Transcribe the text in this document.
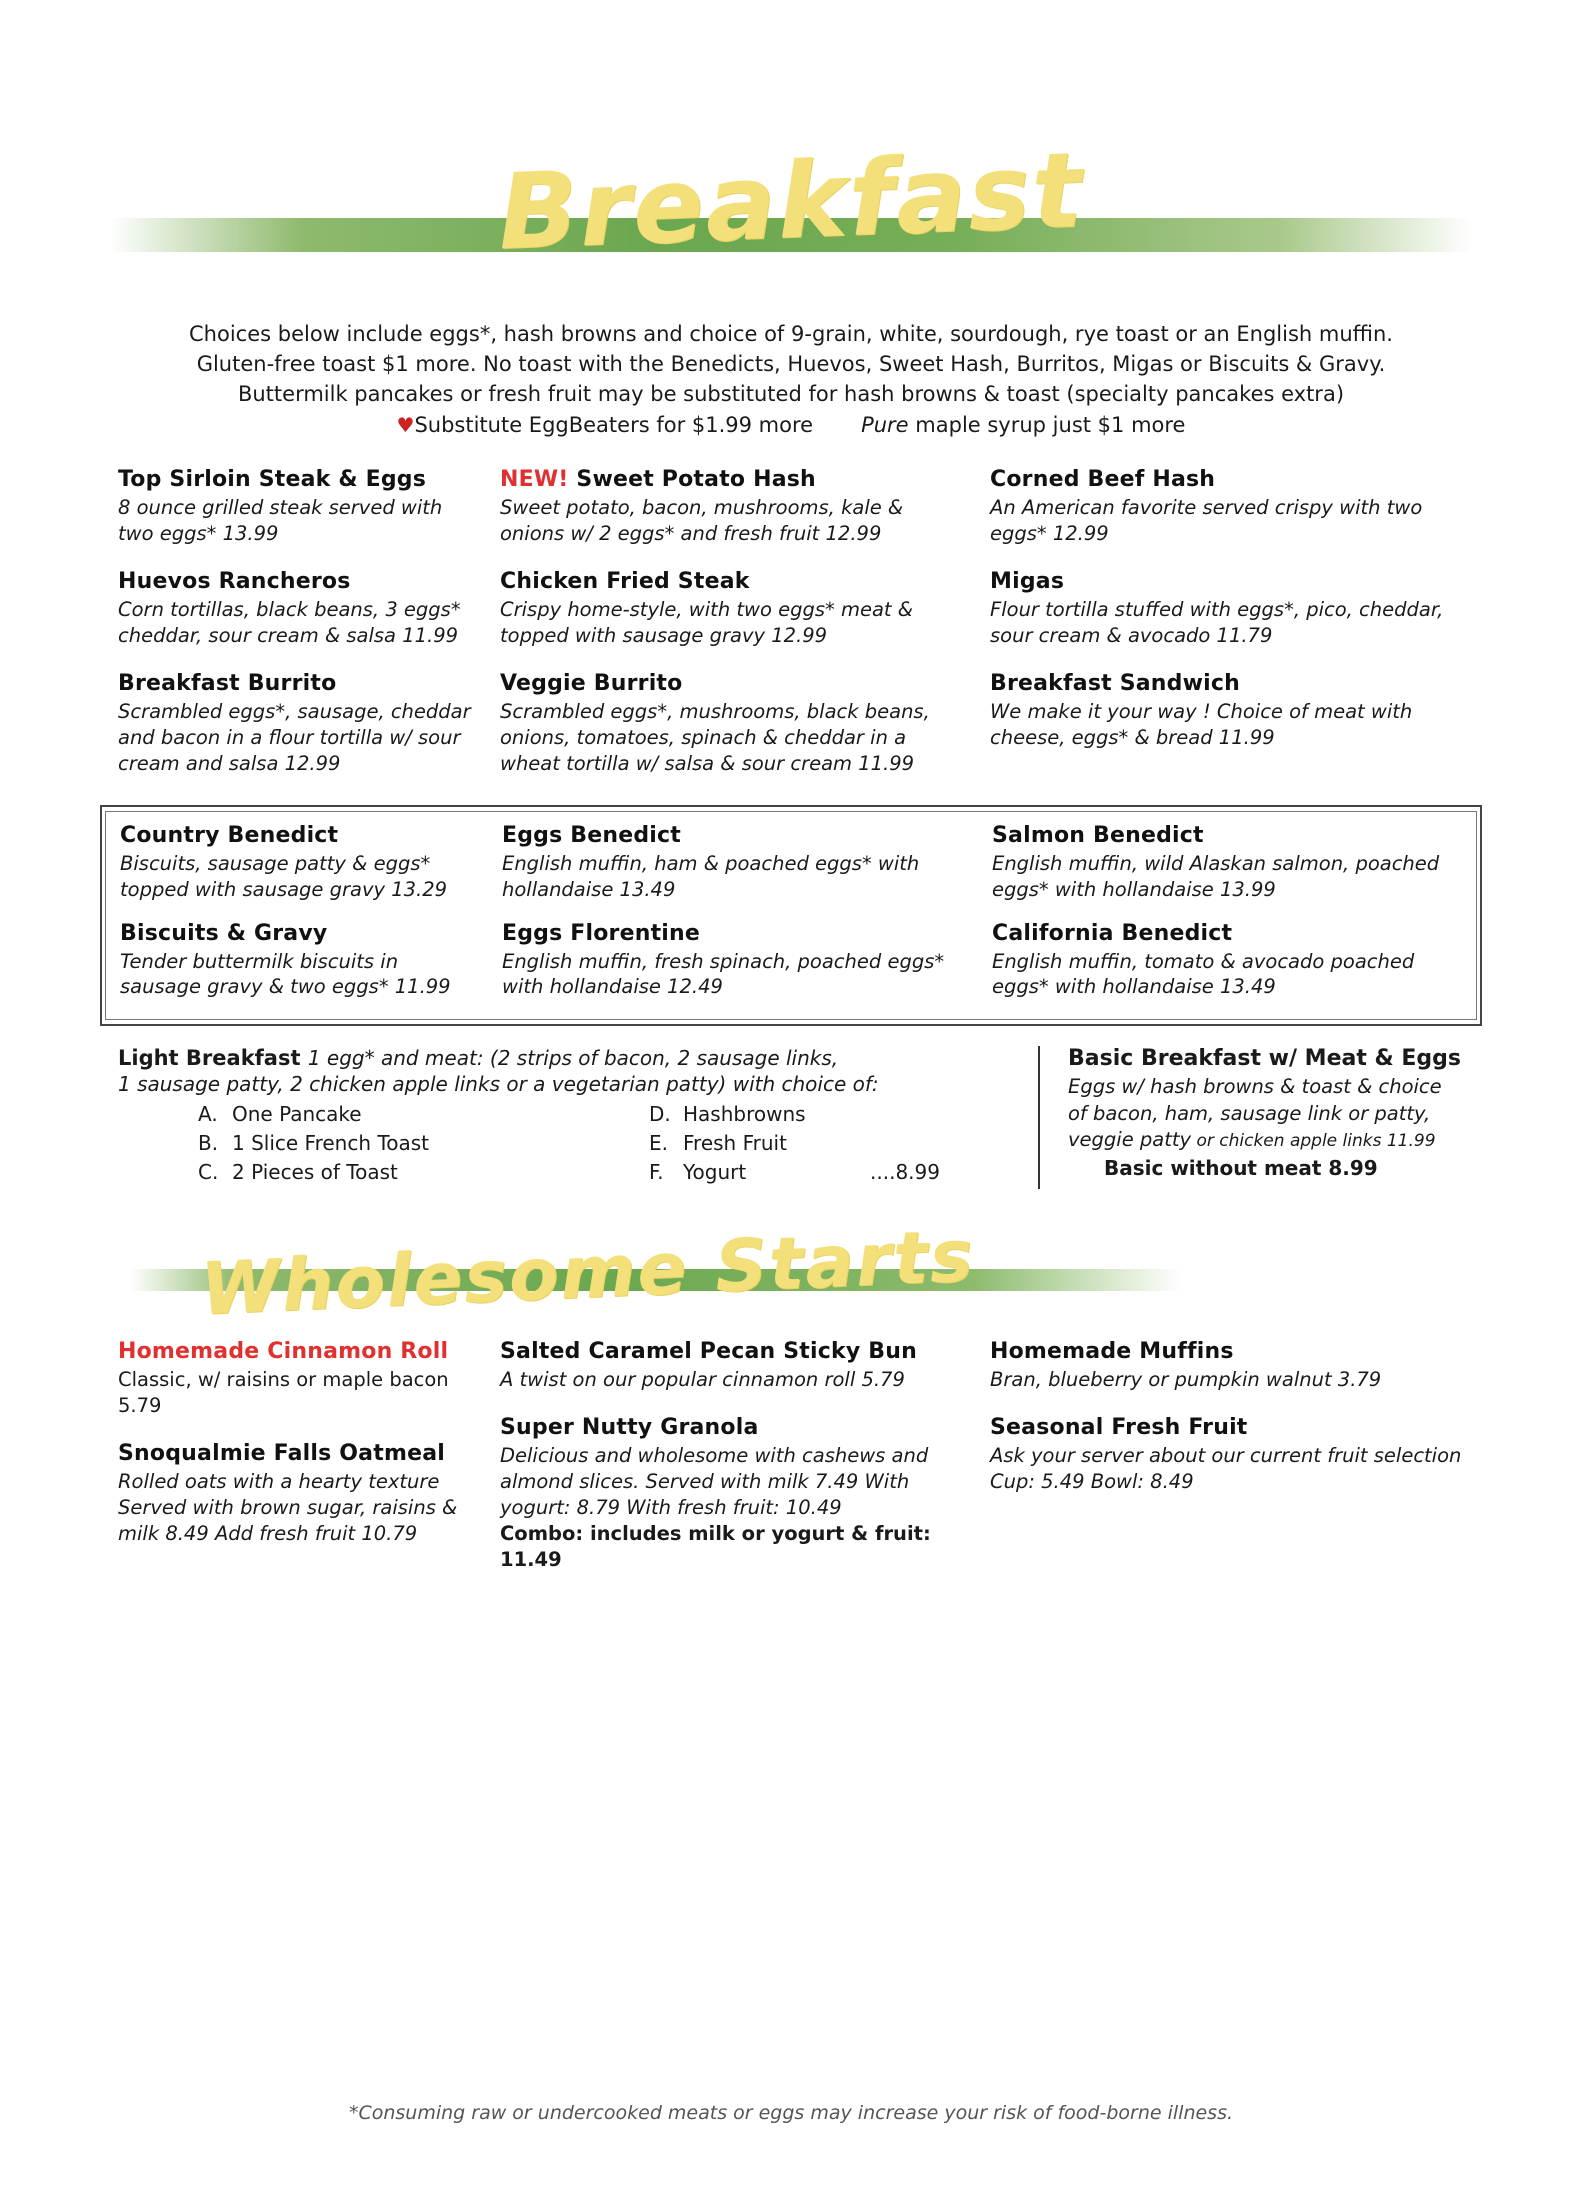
Breakfast
Choices below include eggs*, hash browns and choice of 9-grain, white, sourdough, rye toast or an English muffin.
Gluten-free toast $1 more. No toast with the Benedicts, Huevos, Sweet Hash, Burritos, Migas or Biscuits & Gravy.
Buttermilk pancakes or fresh fruit may be substituted for hash browns & toast (specialty pancakes extra)
♥Substitute EggBeaters for $1.99 more Pure maple syrup just $1 more
Top Sirloin Steak & Eggs
8 ounce grilled steak served with two eggs* 13.99
Huevos Rancheros
Corn tortillas, black beans, 3 eggs* cheddar, sour cream & salsa 11.99
Breakfast Burrito
Scrambled eggs*, sausage, cheddar and bacon in a flour tortilla w/ sour cream and salsa 12.99
NEW! Sweet Potato Hash
Sweet potato, bacon, mushrooms, kale & onions w/ 2 eggs* and fresh fruit 12.99
Chicken Fried Steak
Crispy home-style, with two eggs* meat & topped with sausage gravy 12.99
Veggie Burrito
Scrambled eggs*, mushrooms, black beans, onions, tomatoes, spinach & cheddar in a wheat tortilla w/ salsa & sour cream 11.99
Corned Beef Hash
An American favorite served crispy with two eggs* 12.99
Migas
Flour tortilla stuffed with eggs*, pico, cheddar, sour cream & avocado 11.79
Breakfast Sandwich
We make it your way ! Choice of meat with cheese, eggs* & bread 11.99
Country Benedict
Biscuits, sausage patty & eggs* topped with sausage gravy 13.29
Biscuits & Gravy
Tender buttermilk biscuits in sausage gravy & two eggs* 11.99
Eggs Benedict
English muffin, ham & poached eggs* with hollandaise 13.49
Eggs Florentine
English muffin, fresh spinach, poached eggs* with hollandaise 12.49
Salmon Benedict
English muffin, wild Alaskan salmon, poached eggs* with hollandaise 13.99
California Benedict
English muffin, tomato & avocado poached eggs* with hollandaise 13.49
Light Breakfast 1 egg* and meat: (2 strips of bacon, 2 sausage links,
1 sausage patty, 2 chicken apple links or a vegetarian patty) with choice of:
A. One Pancake
B. 1 Slice French Toast
C. 2 Pieces of Toast
D. Hashbrowns
E. Fresh Fruit
F. Yogurt	....8.99
Basic Breakfast w/ Meat & Eggs
Eggs w/ hash browns & toast & choice
of bacon, ham, sausage link or patty,
veggie patty or chicken apple links 11.99
Basic without meat 8.99
Wholesome Starts
Homemade Cinnamon Roll
Classic, w/ raisins or maple bacon 5.79
Snoqualmie Falls Oatmeal
Rolled oats with a hearty texture Served with brown sugar, raisins & milk 8.49 Add fresh fruit 10.79
Salted Caramel Pecan Sticky Bun
A twist on our popular cinnamon roll 5.79
Super Nutty Granola
Delicious and wholesome with cashews and almond slices. Served with milk 7.49 With yogurt: 8.79 With fresh fruit: 10.49
Combo: includes milk or yogurt & fruit: 11.49
Homemade Muffins
Bran, blueberry or pumpkin walnut 3.79
Seasonal Fresh Fruit
Ask your server about our current fruit selection Cup: 5.49 Bowl: 8.49
*Consuming raw or undercooked meats or eggs may increase your risk of food-borne illness.
